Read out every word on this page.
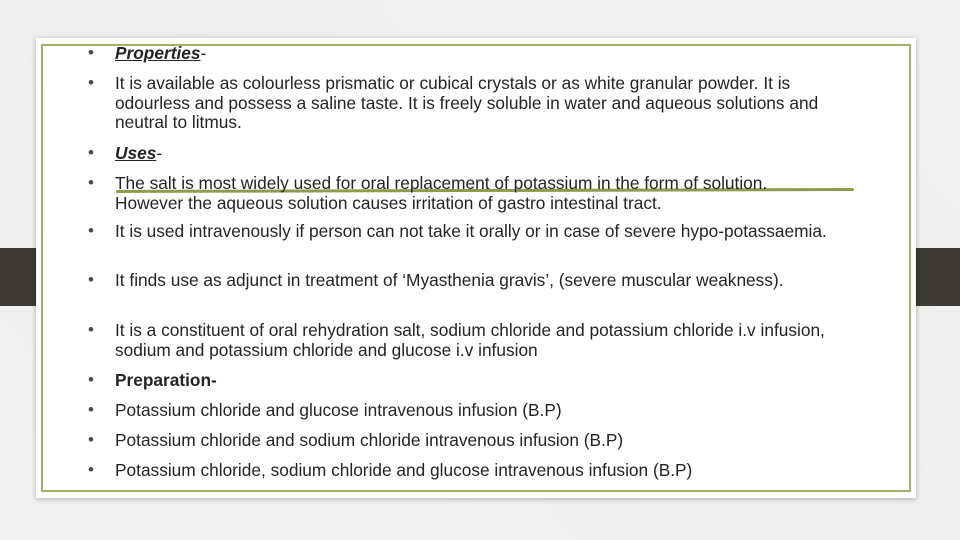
• Properties-
• It is available as colourless prismatic or cubical crystals or as white granular powder. It is odourless and possess a saline taste. It is freely soluble in water and aqueous solutions and neutral to litmus.
• Uses-
• The salt is most widely used for oral replacement of potassium in the form of solution. However the aqueous solution causes irritation of gastro intestinal tract.
• It is used intravenously if person can not take it orally or in case of severe hypo-potassaemia.
• It finds use as adjunct in treatment of ‘Myasthenia gravis’, (severe muscular weakness).
• It is a constituent of oral rehydration salt, sodium chloride and potassium chloride i.v infusion, sodium and potassium chloride and glucose i.v infusion
• Preparation-
• Potassium chloride and glucose intravenous infusion (B.P)
• Potassium chloride and sodium chloride intravenous infusion (B.P)
• Potassium chloride, sodium chloride and glucose intravenous infusion (B.P)
